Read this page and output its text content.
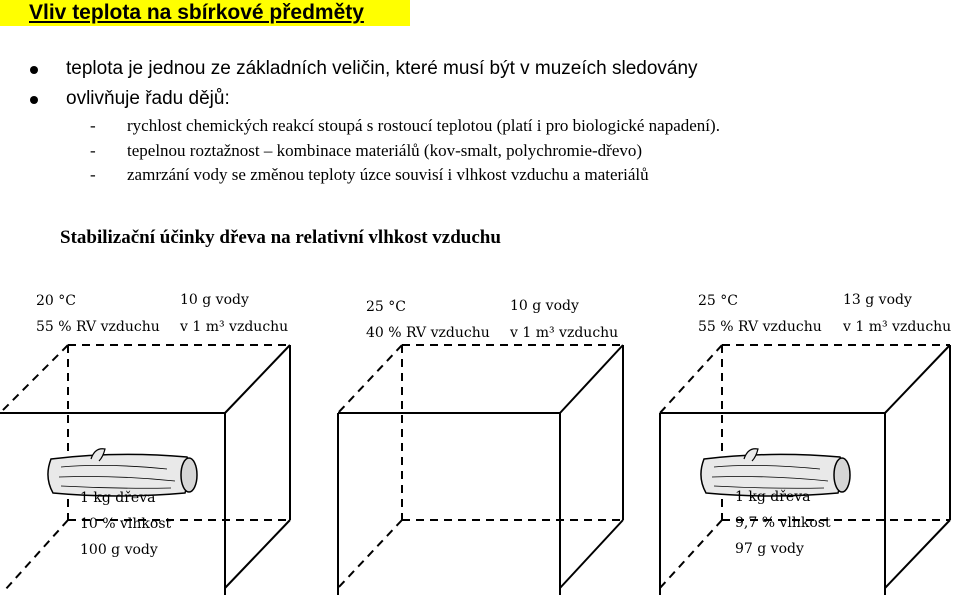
Vliv teplota na sbírkové předměty
teplota je jednou ze základních veličin, které musí být v muzeích sledovány
ovlivňuje řadu dějů:
- rychlost chemických reakcí stoupá s rostoucí teplotou (platí i pro biologické napadení).
- tepelnou roztažnost – kombinace materiálů (kov-smalt, polychromie-dřevo)
- zamrzání vody se změnou teploty úzce souvisí i vlhkost vzduchu a materiálů
Stabilizační účinky dřeva na relativní vlhkost vzduchu
20 °C
55 % RV vzduchu
10 g vody
v 1 m³ vzduchu
1 kg dřeva
10 % vlhkost
100 g vody
25 °C
40 % RV vzduchu
10 g vody
v 1 m³ vzduchu
25 °C
55 % RV vzduchu
13 g vody
v 1 m³ vzduchu
1 kg dřeva
9,7 % vlhkost
97 g vody
